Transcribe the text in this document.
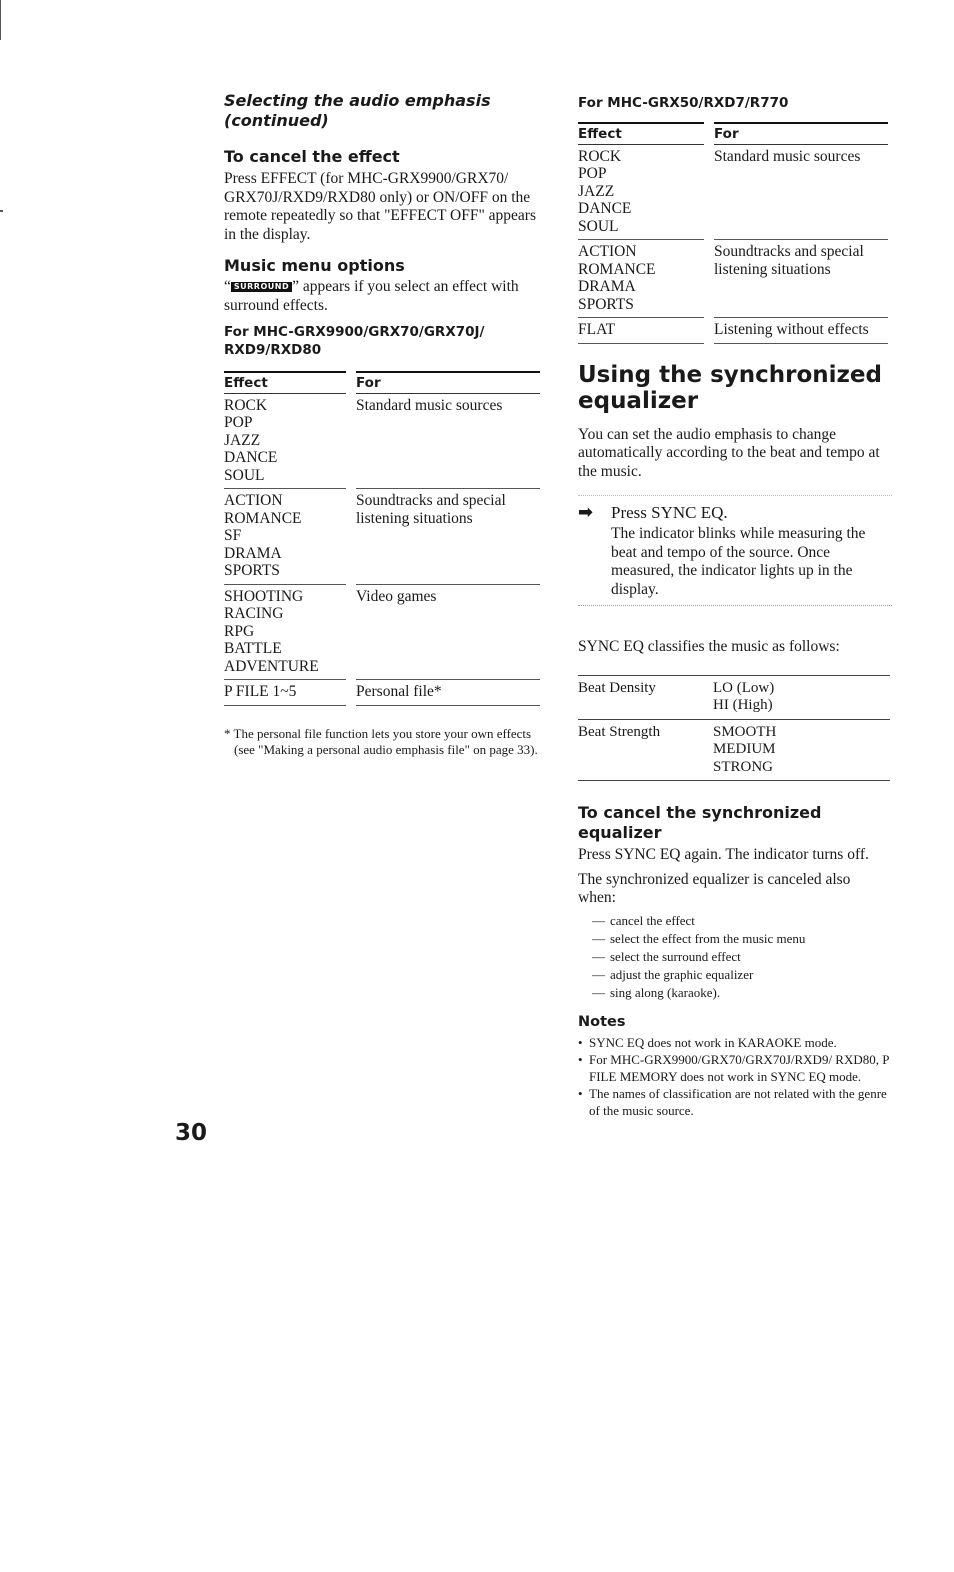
Selecting the audio emphasis
(continued)
To cancel the effect
Press EFFECT (for MHC-GRX9900/GRX70/ GRX70J/RXD9/RXD80 only) or ON/OFF on the remote repeatedly so that "EFFECT OFF" appears in the display.
Music menu options
“ SURROUND ” appears if you select an effect with surround effects.
For MHC-GRX9900/GRX70/GRX70J/
RXD9/RXD80
Effect		For

ROCK
POP
JAZZ
DANCE
SOUL		Standard music sources

ACTION
ROMANCE
SF
DRAMA
SPORTS		Soundtracks and special listening situations

SHOOTING
RACING
RPG
BATTLE
ADVENTURE		Video games

P FILE 1~5		Personal file*
* The personal file function lets you store your own effects (see "Making a personal audio emphasis file" on page 33).
For MHC-GRX50/RXD7/R770
Effect		For

ROCK
POP
JAZZ
DANCE
SOUL		Standard music sources

ACTION
ROMANCE
DRAMA
SPORTS		Soundtracks and special listening situations

FLAT		Listening without effects
Using the synchronized
equalizer
You can set the audio emphasis to change automatically according to the beat and tempo at the music.
➡ Press SYNC EQ.
The indicator blinks while measuring the beat and tempo of the source. Once measured, the indicator lights up in the display.
SYNC EQ classifies the music as follows:
Beat Density	LO (Low)
HI (High)

Beat Strength	SMOOTH
MEDIUM
STRONG
To cancel the synchronized
equalizer
Press SYNC EQ again. The indicator turns off.
The synchronized equalizer is canceled also when:
— cancel the effect
— select the effect from the music menu
— select the surround effect
— adjust the graphic equalizer
— sing along (karaoke).
Notes
• SYNC EQ does not work in KARAOKE mode.
• For MHC-GRX9900/GRX70/GRX70J/RXD9/ RXD80, P FILE MEMORY does not work in SYNC EQ mode.
• The names of classification are not related with the genre of the music source.
30
